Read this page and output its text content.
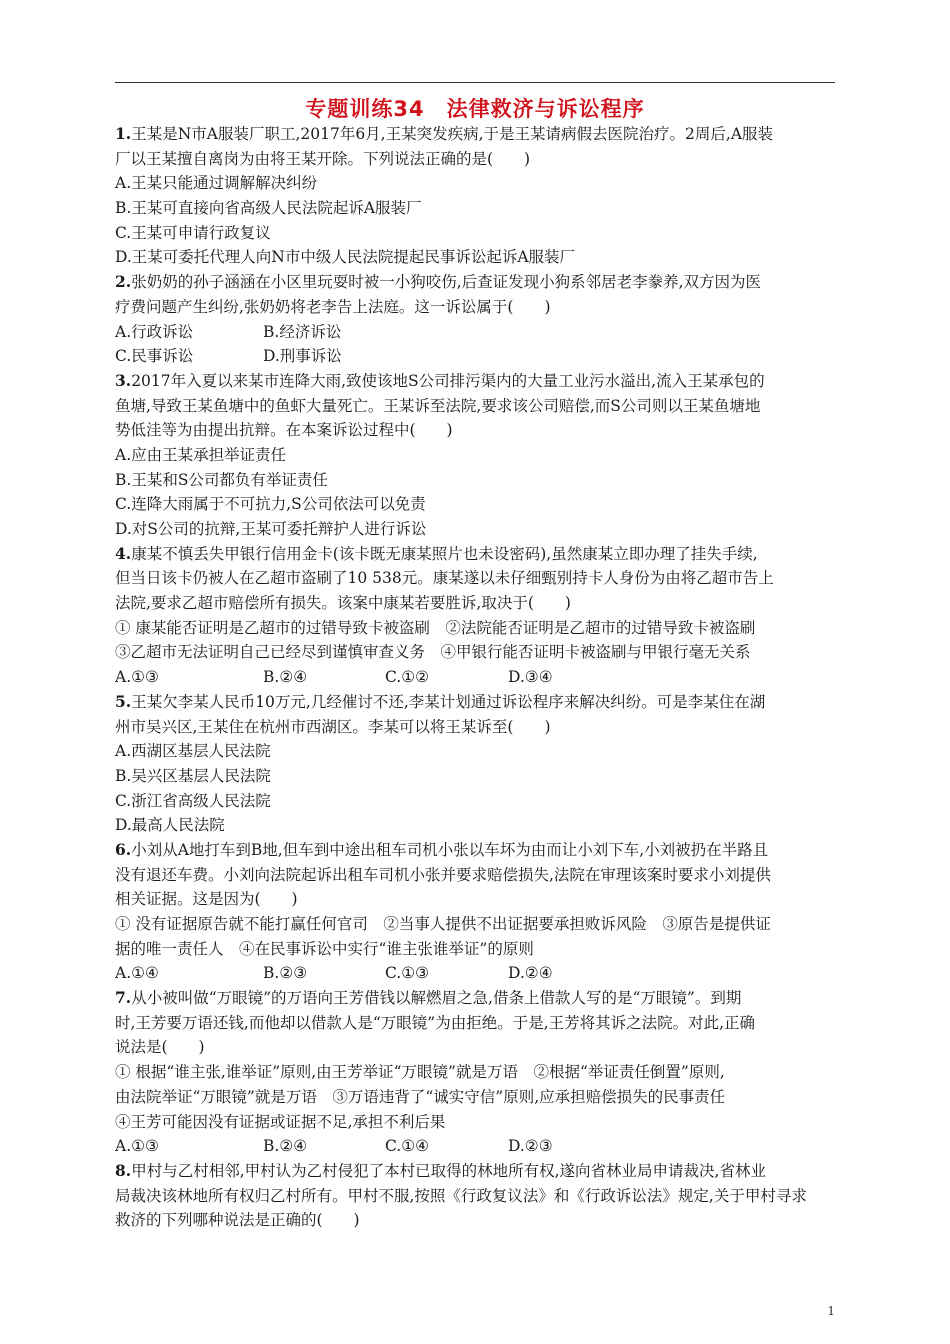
专题训练34　法律救济与诉讼程序
1.王某是N市A服装厂职工,2017年6月,王某突发疾病,于是王某请病假去医院治疗。2周后,A服装
厂以王某擅自离岗为由将王某开除。下列说法正确的是(　　)
A.王某只能通过调解解决纠纷
B.王某可直接向省高级人民法院起诉A服装厂
C.王某可申请行政复议
D.王某可委托代理人向N市中级人民法院提起民事诉讼起诉A服装厂
2.张奶奶的孙子涵涵在小区里玩耍时被一小狗咬伤,后查证发现小狗系邻居老李豢养,双方因为医
疗费问题产生纠纷,张奶奶将老李告上法庭。这一诉讼属于(　　)
A.行政诉讼	B.经济诉讼
C.民事诉讼	D.刑事诉讼
3.2017年入夏以来某市连降大雨,致使该地S公司排污渠内的大量工业污水溢出,流入王某承包的
鱼塘,导致王某鱼塘中的鱼虾大量死亡。王某诉至法院,要求该公司赔偿,而S公司则以王某鱼塘地
势低洼等为由提出抗辩。在本案诉讼过程中(　　)
A.应由王某承担举证责任
B.王某和S公司都负有举证责任
C.连降大雨属于不可抗力,S公司依法可以免责
D.对S公司的抗辩,王某可委托辩护人进行诉讼
4.康某不慎丢失甲银行信用金卡(该卡既无康某照片也未设密码),虽然康某立即办理了挂失手续,
但当日该卡仍被人在乙超市盗刷了10 538元。康某遂以未仔细甄别持卡人身份为由将乙超市告上
法院,要求乙超市赔偿所有损失。该案中康某若要胜诉,取决于(　　)
① 康某能否证明是乙超市的过错导致卡被盗刷　②法院能否证明是乙超市的过错导致卡被盗刷
③乙超市无法证明自己已经尽到谨慎审查义务　④甲银行能否证明卡被盗刷与甲银行毫无关系
A.①③	B.②④	C.①②	D.③④
5.王某欠李某人民币10万元,几经催讨不还,李某计划通过诉讼程序来解决纠纷。可是李某住在湖
州市吴兴区,王某住在杭州市西湖区。李某可以将王某诉至(　　)
A.西湖区基层人民法院
B.吴兴区基层人民法院
C.浙江省高级人民法院
D.最高人民法院
6.小刘从A地打车到B地,但车到中途出租车司机小张以车坏为由而让小刘下车,小刘被扔在半路且
没有退还车费。小刘向法院起诉出租车司机小张并要求赔偿损失,法院在审理该案时要求小刘提供
相关证据。这是因为(　　)
① 没有证据原告就不能打赢任何官司　②当事人提供不出证据要承担败诉风险　③原告是提供证
据的唯一责任人　④在民事诉讼中实行“谁主张谁举证”的原则
A.①④	B.②③	C.①③	D.②④
7.从小被叫做“万眼镜”的万语向王芳借钱以解燃眉之急,借条上借款人写的是“万眼镜”。到期
时,王芳要万语还钱,而他却以借款人是“万眼镜”为由拒绝。于是,王芳将其诉之法院。对此,正确
说法是(　　)
① 根据“谁主张,谁举证”原则,由王芳举证“万眼镜”就是万语　②根据“举证责任倒置”原则,
由法院举证“万眼镜”就是万语　③万语违背了“诚实守信”原则,应承担赔偿损失的民事责任
④王芳可能因没有证据或证据不足,承担不利后果
A.①③	B.②④	C.①④	D.②③
8.甲村与乙村相邻,甲村认为乙村侵犯了本村已取得的林地所有权,遂向省林业局申请裁决,省林业
局裁决该林地所有权归乙村所有。甲村不服,按照《行政复议法》和《行政诉讼法》规定,关于甲村寻求
救济的下列哪种说法是正确的(　　)
1
